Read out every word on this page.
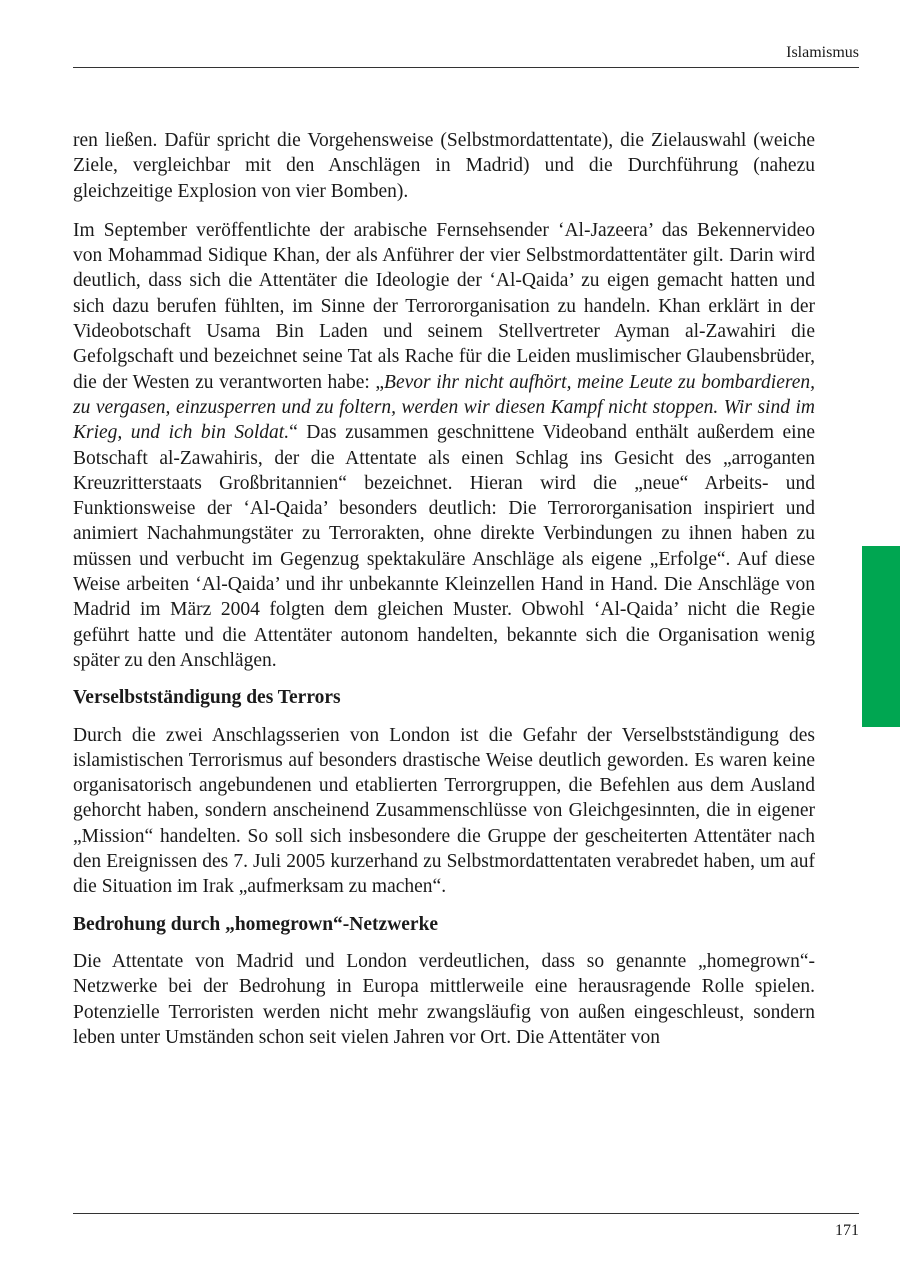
Islamismus

ren ließen. Dafür spricht die Vorgehensweise (Selbstmordattentate), die Zielauswahl (weiche Ziele, vergleichbar mit den Anschlägen in Madrid) und die Durchführung (nahezu gleichzeitige Explosion von vier Bomben).

Im September veröffentlichte der arabische Fernsehsender ‘Al-Jazeera’ das Bekennervideo von Mohammad Sidique Khan, der als Anführer der vier Selbstmordattentäter gilt. Darin wird deutlich, dass sich die Attentäter die Ideologie der ‘Al-Qaida’ zu eigen gemacht hatten und sich dazu berufen fühlten, im Sinne der Terrororganisation zu handeln. Khan erklärt in der Videobotschaft Usama Bin Laden und seinem Stellvertreter Ayman al-Zawahiri die Gefolgschaft und bezeichnet seine Tat als Rache für die Leiden muslimischer Glaubensbrüder, die der Westen zu verantworten habe: „Bevor ihr nicht aufhört, meine Leute zu bombardieren, zu vergasen, einzusperren und zu foltern, werden wir diesen Kampf nicht stoppen. Wir sind im Krieg, und ich bin Soldat.“ Das zusammen geschnittene Videoband enthält außerdem eine Botschaft al-Zawahiris, der die Attentate als einen Schlag ins Gesicht des „arroganten Kreuzritterstaats Großbritannien“ bezeichnet. Hieran wird die „neue“ Arbeits- und Funktionsweise der ‘Al-Qaida’ besonders deutlich: Die Terrororganisation inspiriert und animiert Nachahmungstäter zu Terrorakten, ohne direkte Verbindungen zu ihnen haben zu müssen und verbucht im Gegenzug spektakuläre Anschläge als eigene „Erfolge“. Auf diese Weise arbeiten ‘Al-Qaida’ und ihr unbekannte Kleinzellen Hand in Hand. Die Anschläge von Madrid im März 2004 folgten dem gleichen Muster. Obwohl ‘Al-Qaida’ nicht die Regie geführt hatte und die Attentäter autonom handelten, bekannte sich die Organisation wenig später zu den Anschlägen.

Verselbstständigung des Terrors

Durch die zwei Anschlagsserien von London ist die Gefahr der Verselbstständigung des islamistischen Terrorismus auf besonders drastische Weise deutlich geworden. Es waren keine organisatorisch angebundenen und etablierten Terrorgruppen, die Befehlen aus dem Ausland gehorcht haben, sondern anscheinend Zusammenschlüsse von Gleichgesinnten, die in eigener „Mission“ handelten. So soll sich insbesondere die Gruppe der gescheiterten Attentäter nach den Ereignissen des 7. Juli 2005 kurzerhand zu Selbstmordattentaten verabredet haben, um auf die Situation im Irak „aufmerksam zu machen“.

Bedrohung durch „homegrown“-Netzwerke

Die Attentate von Madrid und London verdeutlichen, dass so genannte „homegrown“-Netzwerke bei der Bedrohung in Europa mittlerweile eine herausragende Rolle spielen. Potenzielle Terroristen werden nicht mehr zwangsläufig von außen eingeschleust, sondern leben unter Umständen schon seit vielen Jahren vor Ort. Die Attentäter von

171
